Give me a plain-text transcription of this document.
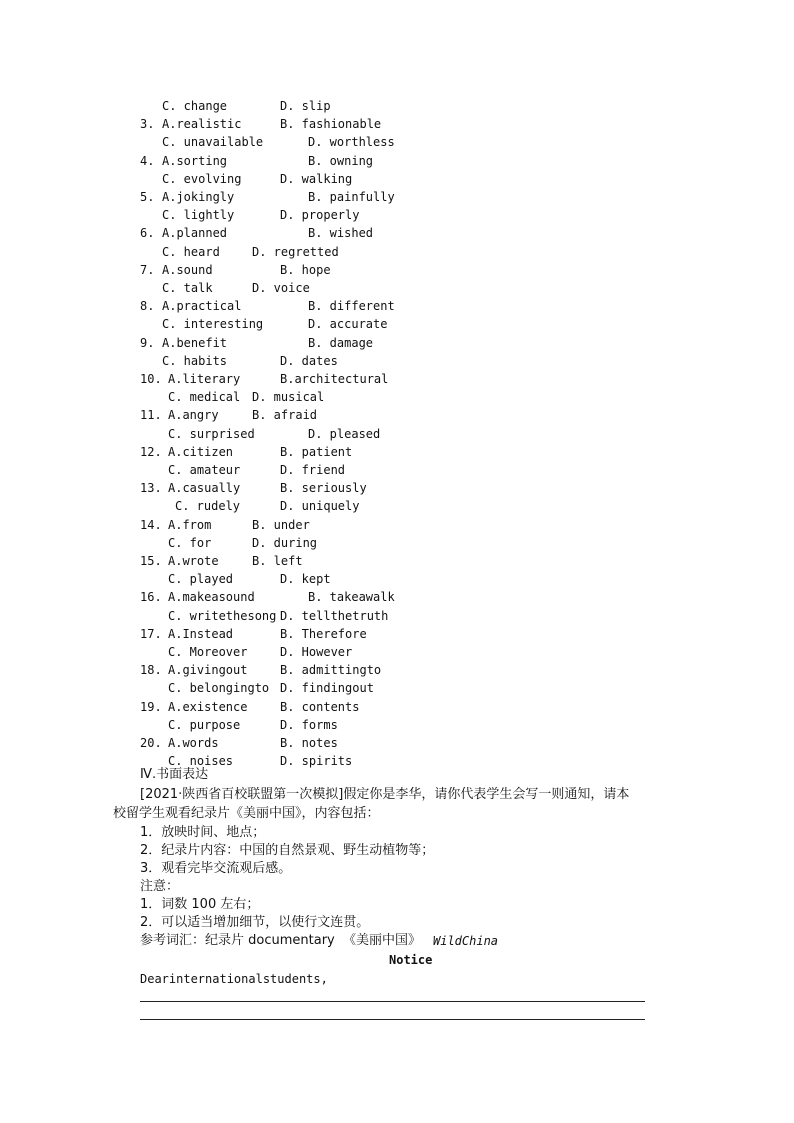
C. change	D. slip
3. A.realistic	B. fashionable
C. unavailable	D. worthless
4. A.sorting	B. owning
C. evolving	D. walking
5. A.jokingly	B. painfully
C. lightly	D. properly
6. A.planned	B. wished
C. heard	D. regretted
7. A.sound	B. hope
C. talk	D. voice
8. A.practical	B. different
C. interesting	D. accurate
9. A.benefit	B. damage
C. habits	D. dates
10. A.literary	B.architectural
C. medical D. musical
11. A.angry	B. afraid
C. surprised	D. pleased
12. A.citizen	B. patient
C. amateur	D. friend
13. A.casually	B. seriously
C. rudely	D. uniquely
14. A.from	B. under
C. for	D. during
15. A.wrote	B. left
C. played	D. kept
16. A.makeasound	B. takeawalk
C. writethesong D. tellthetruth
17. A.Instead	B. Therefore
C. Moreover	D. However
18. A.givingout	B. admittingto
C. belongingto D. findingout
19. A.existence	B. contents
C. purpose	D. forms
20. A.words	B. notes
C. noises	D. spirits
Ⅳ.书面表达
[2021·陕西省百校联盟第一次模拟]假定你是李华，请你代表学生会写一则通知，请本
校留学生观看纪录片《美丽中国》，内容包括：
1．放映时间、地点；
2．纪录片内容：中国的自然景观、野生动植物等；
3．观看完毕交流观后感。
注意：
1．词数 100 左右；
2．可以适当增加细节，以使行文连贯。
参考词汇：纪录片 documentary  《美丽中国》 WildChina
Notice
Dearinternationalstudents,
